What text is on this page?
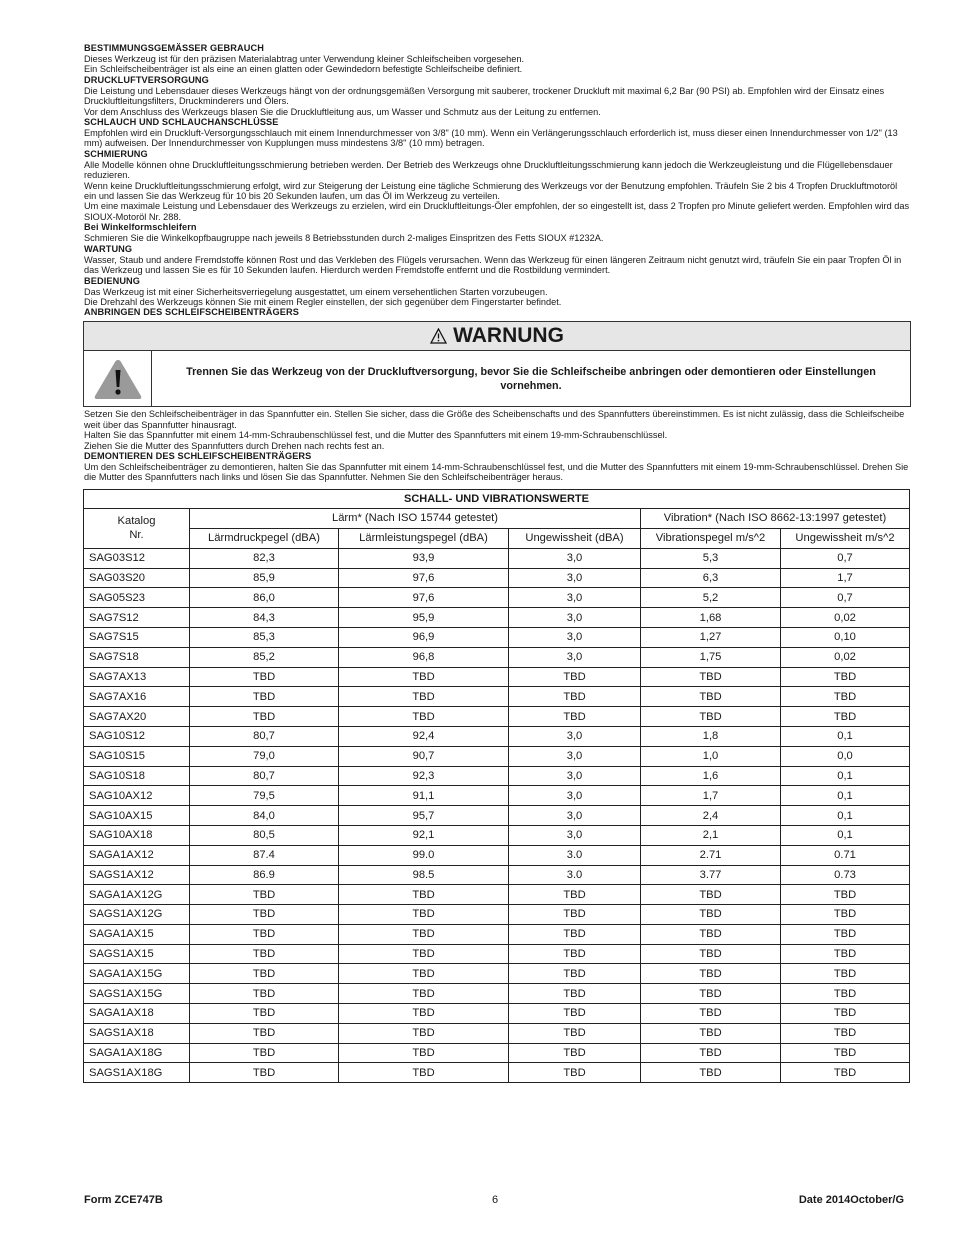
BESTIMMUNGSGEMÄSSER GEBRAUCH

Dieses Werkzeug ist für den präzisen Materialabtrag unter Verwendung kleiner Schleifscheiben vorgesehen.

Ein Schleifscheibenträger ist als eine an einen glatten oder Gewindedorn befestigte Schleifscheibe definiert.

DRUCKLUFTVERSORGUNG

Die Leistung und Lebensdauer dieses Werkzeugs hängt von der ordnungsgemäßen Versorgung mit sauberer, trockener Druckluft mit maximal 6,2 Bar (90 PSI) ab. Empfohlen wird der Einsatz eines Druckluftleitungsfilters, Druckminderers und Ölers.

Vor dem Anschluss des Werkzeugs blasen Sie die Druckluftleitung aus, um Wasser und Schmutz aus der Leitung zu entfernen.

SCHLAUCH UND SCHLAUCHANSCHLÜSSE

Empfohlen wird ein Druckluft-Versorgungsschlauch mit einem Innendurchmesser von 3/8" (10 mm). Wenn ein Verlängerungsschlauch erforderlich ist, muss dieser einen Innendurchmesser von 1/2" (13 mm) aufweisen. Der Innendurchmesser von Kupplungen muss mindestens 3/8" (10 mm) betragen.

SCHMIERUNG

Alle Modelle können ohne Druckluftleitungsschmierung betrieben werden. Der Betrieb des Werkzeugs ohne Druckluftleitungsschmierung kann jedoch die Werkzeugleistung und die Flügellebensdauer reduzieren.

Wenn keine Druckluftleitungsschmierung erfolgt, wird zur Steigerung der Leistung eine tägliche Schmierung des Werkzeugs vor der Benutzung empfohlen. Träufeln Sie 2 bis 4 Tropfen Druckluftmotoröl ein und lassen Sie das Werkzeug für 10 bis 20 Sekunden laufen, um das Öl im Werkzeug zu verteilen.

Um eine maximale Leistung und Lebensdauer des Werkzeugs zu erzielen, wird ein Druckluftleitungs-Öler empfohlen, der so eingestellt ist, dass 2 Tropfen pro Minute geliefert werden. Empfohlen wird das SIOUX-Motoröl Nr. 288.

Bei Winkelformschleifern

Schmieren Sie die Winkelkopfbaugruppe nach jeweils 8 Betriebsstunden durch 2-maliges Einspritzen des Fetts SIOUX #1232A.

WARTUNG

Wasser, Staub und andere Fremdstoffe können Rost und das Verkleben des Flügels verursachen. Wenn das Werkzeug für einen längeren Zeitraum nicht genutzt wird, träufeln Sie ein paar Tropfen Öl in das Werkzeug und lassen Sie es für 10 Sekunden laufen. Hierdurch werden Fremdstoffe entfernt und die Rostbildung vermindert.

BEDIENUNG

Das Werkzeug ist mit einer Sicherheitsverriegelung ausgestattet, um einem versehentlichen Starten vorzubeugen.

Die Drehzahl des Werkzeugs können Sie mit einem Regler einstellen, der sich gegenüber dem Fingerstarter befindet.

ANBRINGEN DES SCHLEIFSCHEIBENTRÄGERS
WARNUNG
Trennen Sie das Werkzeug von der Druckluftversorgung, bevor Sie die Schleifscheibe anbringen oder demontieren oder Einstellungen vornehmen.

Setzen Sie den Schleifscheibenträger in das Spannfutter ein. Stellen Sie sicher, dass die Größe des Scheibenschafts und des Spannfutters übereinstimmen. Es ist nicht zulässig, dass die Schleifscheibe weit über das Spannfutter hinausragt.

Halten Sie das Spannfutter mit einem 14-mm-Schraubenschlüssel fest, und die Mutter des Spannfutters mit einem 19-mm-Schraubenschlüssel.

Ziehen Sie die Mutter des Spannfutters durch Drehen nach rechts fest an.

DEMONTIEREN DES SCHLEIFSCHEIBENTRÄGERS

Um den Schleifscheibenträger zu demontieren, halten Sie das Spannfutter mit einem 14-mm-Schraubenschlüssel fest, und die Mutter des Spannfutters mit einem 19-mm-Schraubenschlüssel. Drehen Sie die Mutter des Spannfutters nach links und lösen Sie das Spannfutter. Nehmen Sie den Schleifscheibenträger heraus.

SCHALL- UND VIBRATIONSWERTE					
Katalog Nr.	Lärm* (Nach ISO 15744 getestet)			Vibration* (Nach ISO 8662-13:1997 getestet)	
	Lärmdruckpegel (dBA)	Lärmleistungspegel (dBA)	Ungewissheit (dBA)	Vibrationspegel m/s^2	Ungewissheit m/s^2
SAG03S12	82,3	93,9	3,0	5,3	0,7
SAG03S20	85,9	97,6	3,0	6,3	1,7
SAG05S23	86,0	97,6	3,0	5,2	0,7
SAG7S12	84,3	95,9	3,0	1,68	0,02
SAG7S15	85,3	96,9	3,0	1,27	0,10
SAG7S18	85,2	96,8	3,0	1,75	0,02
SAG7AX13	TBD	TBD	TBD	TBD	TBD
SAG7AX16	TBD	TBD	TBD	TBD	TBD
SAG7AX20	TBD	TBD	TBD	TBD	TBD
SAG10S12	80,7	92,4	3,0	1,8	0,1
SAG10S15	79,0	90,7	3,0	1,0	0,0
SAG10S18	80,7	92,3	3,0	1,6	0,1
SAG10AX12	79,5	91,1	3,0	1,7	0,1
SAG10AX15	84,0	95,7	3,0	2,4	0,1
SAG10AX18	80,5	92,1	3,0	2,1	0,1
SAGA1AX12	87.4	99.0	3.0	2.71	0.71
SAGS1AX12	86.9	98.5	3.0	3.77	0.73
SAGA1AX12G	TBD	TBD	TBD	TBD	TBD
SAGS1AX12G	TBD	TBD	TBD	TBD	TBD
SAGA1AX15	TBD	TBD	TBD	TBD	TBD
SAGS1AX15	TBD	TBD	TBD	TBD	TBD
SAGA1AX15G	TBD	TBD	TBD	TBD	TBD
SAGS1AX15G	TBD	TBD	TBD	TBD	TBD
SAGA1AX18	TBD	TBD	TBD	TBD	TBD
SAGS1AX18	TBD	TBD	TBD	TBD	TBD
SAGA1AX18G	TBD	TBD	TBD	TBD	TBD
SAGS1AX18G	TBD	TBD	TBD	TBD	TBD
Form ZCE747B	6	Date 2014October/G
